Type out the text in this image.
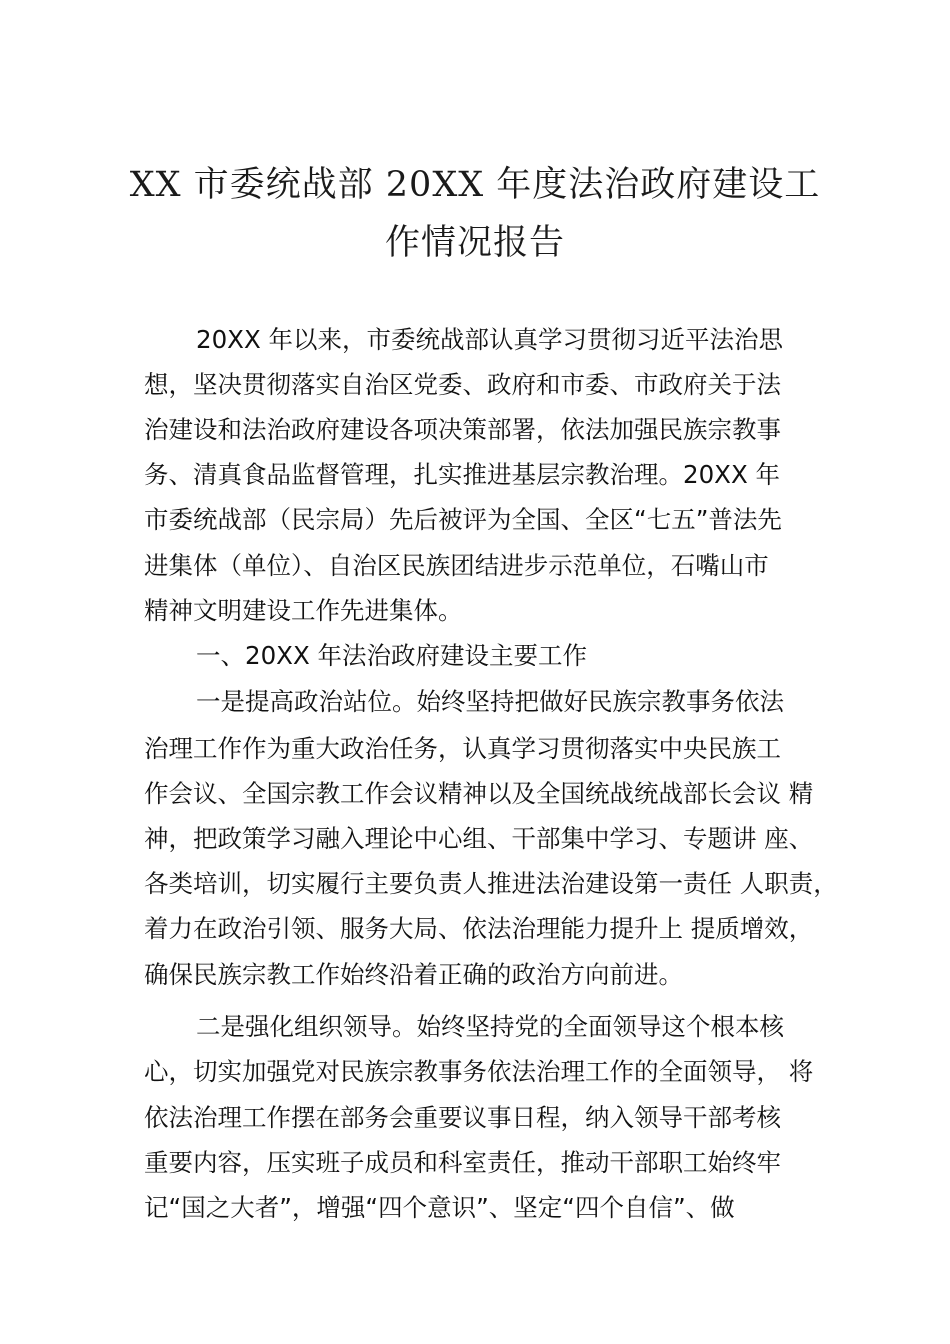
XX 市委统战部 20XX 年度法治政府建设工
作情况报告
20XX 年以来，市委统战部认真学习贯彻习近平法治思
想，坚决贯彻落实自治区党委、政府和市委、市政府关于法
治建设和法治政府建设各项决策部署，依法加强民族宗教事
务、清真食品监督管理，扎实推进基层宗教治理。20XX 年
市委统战部（民宗局）先后被评为全国、全区“七五”普法先
进集体（单位）、自治区民族团结进步示范单位，石嘴山市
精神文明建设工作先进集体。
一、20XX 年法治政府建设主要工作
一是提高政治站位。始终坚持把做好民族宗教事务依法
治理工作作为重大政治任务，认真学习贯彻落实中央民族工
作会议、全国宗教工作会议精神以及全国统战统战部长会议 精
神，把政策学习融入理论中心组、干部集中学习、专题讲 座、
各类培训，切实履行主要负责人推进法治建设第一责任 人职责，
着力在政治引领、服务大局、依法治理能力提升上 提质增效，
确保民族宗教工作始终沿着正确的政治方向前进。
二是强化组织领导。始终坚持党的全面领导这个根本核
心，切实加强党对民族宗教事务依法治理工作的全面领导， 将
依法治理工作摆在部务会重要议事日程，纳入领导干部考核
重要内容，压实班子成员和科室责任，推动干部职工始终牢
记“国之大者”，增强“四个意识”、坚定“四个自信”、做
